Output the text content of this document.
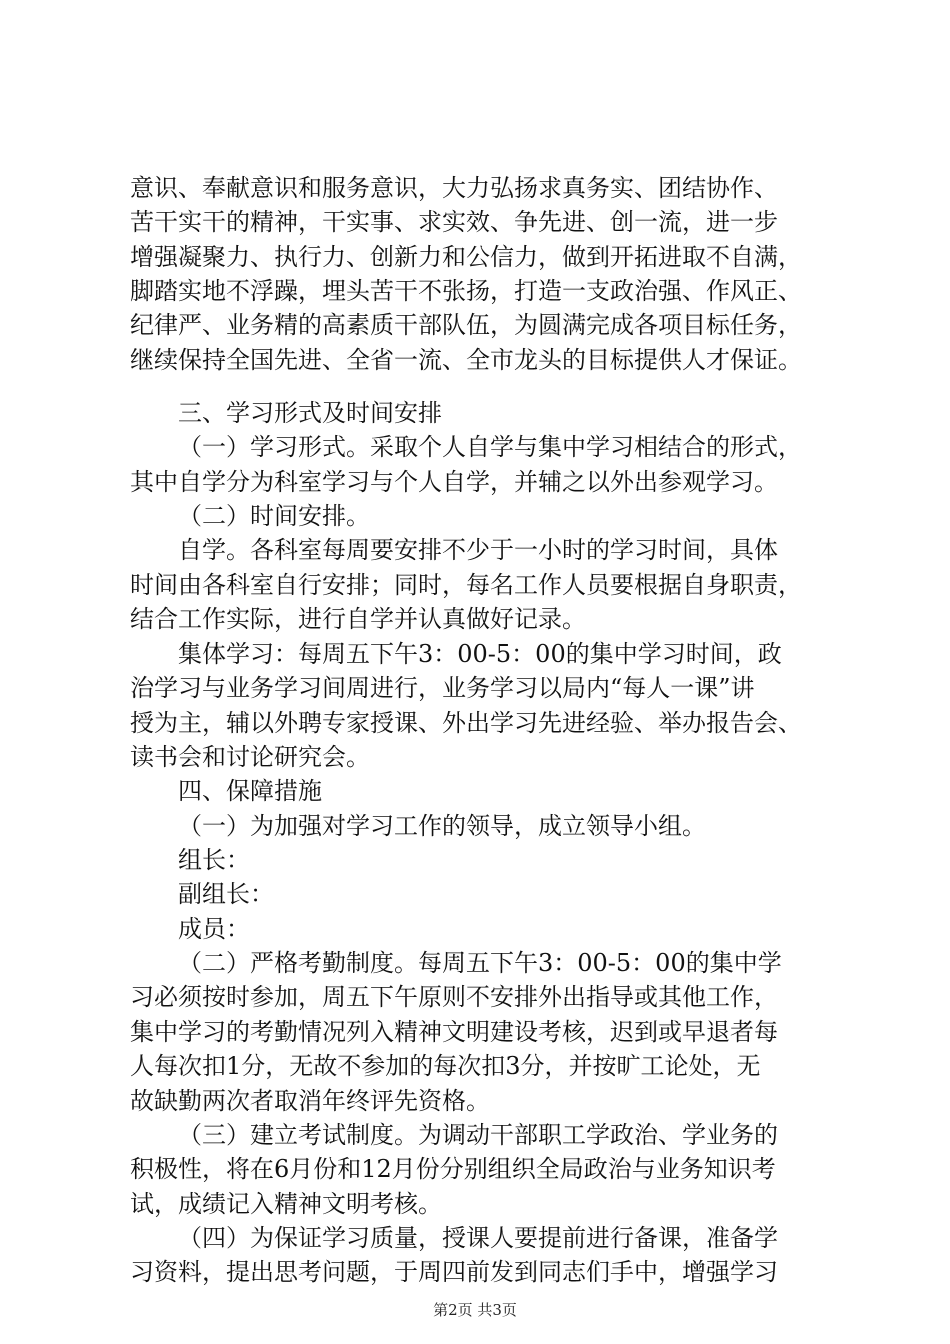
意识、奉献意识和服务意识，大力弘扬求真务实、团结协作、
苦干实干的精神，干实事、求实效、争先进、创一流，进一步
增强凝聚力、执行力、创新力和公信力，做到开拓进取不自满，
脚踏实地不浮躁，埋头苦干不张扬，打造一支政治强、作风正、
纪律严、业务精的高素质干部队伍，为圆满完成各项目标任务，
继续保持全国先进、全省一流、全市龙头的目标提供人才保证。
三、学习形式及时间安排
（一）学习形式。采取个人自学与集中学习相结合的形式，
其中自学分为科室学习与个人自学，并辅之以外出参观学习。
（二）时间安排。
自学。各科室每周要安排不少于一小时的学习时间，具体
时间由各科室自行安排；同时，每名工作人员要根据自身职责，
结合工作实际，进行自学并认真做好记录。
集体学习：每周五下午3：00-5：00的集中学习时间，政
治学习与业务学习间周进行，业务学习以局内“每人一课”讲
授为主，辅以外聘专家授课、外出学习先进经验、举办报告会、
读书会和讨论研究会。
四、保障措施
（一）为加强对学习工作的领导，成立领导小组。
组长：
副组长：
成员：
（二）严格考勤制度。每周五下午3：00-5：00的集中学
习必须按时参加，周五下午原则不安排外出指导或其他工作，
集中学习的考勤情况列入精神文明建设考核，迟到或早退者每
人每次扣1分，无故不参加的每次扣3分，并按旷工论处，无
故缺勤两次者取消年终评先资格。
（三）建立考试制度。为调动干部职工学政治、学业务的
积极性，将在6月份和12月份分别组织全局政治与业务知识考
试，成绩记入精神文明考核。
（四）为保证学习质量，授课人要提前进行备课，准备学
习资料，提出思考问题，于周四前发到同志们手中，增强学习
第2页 共3页
